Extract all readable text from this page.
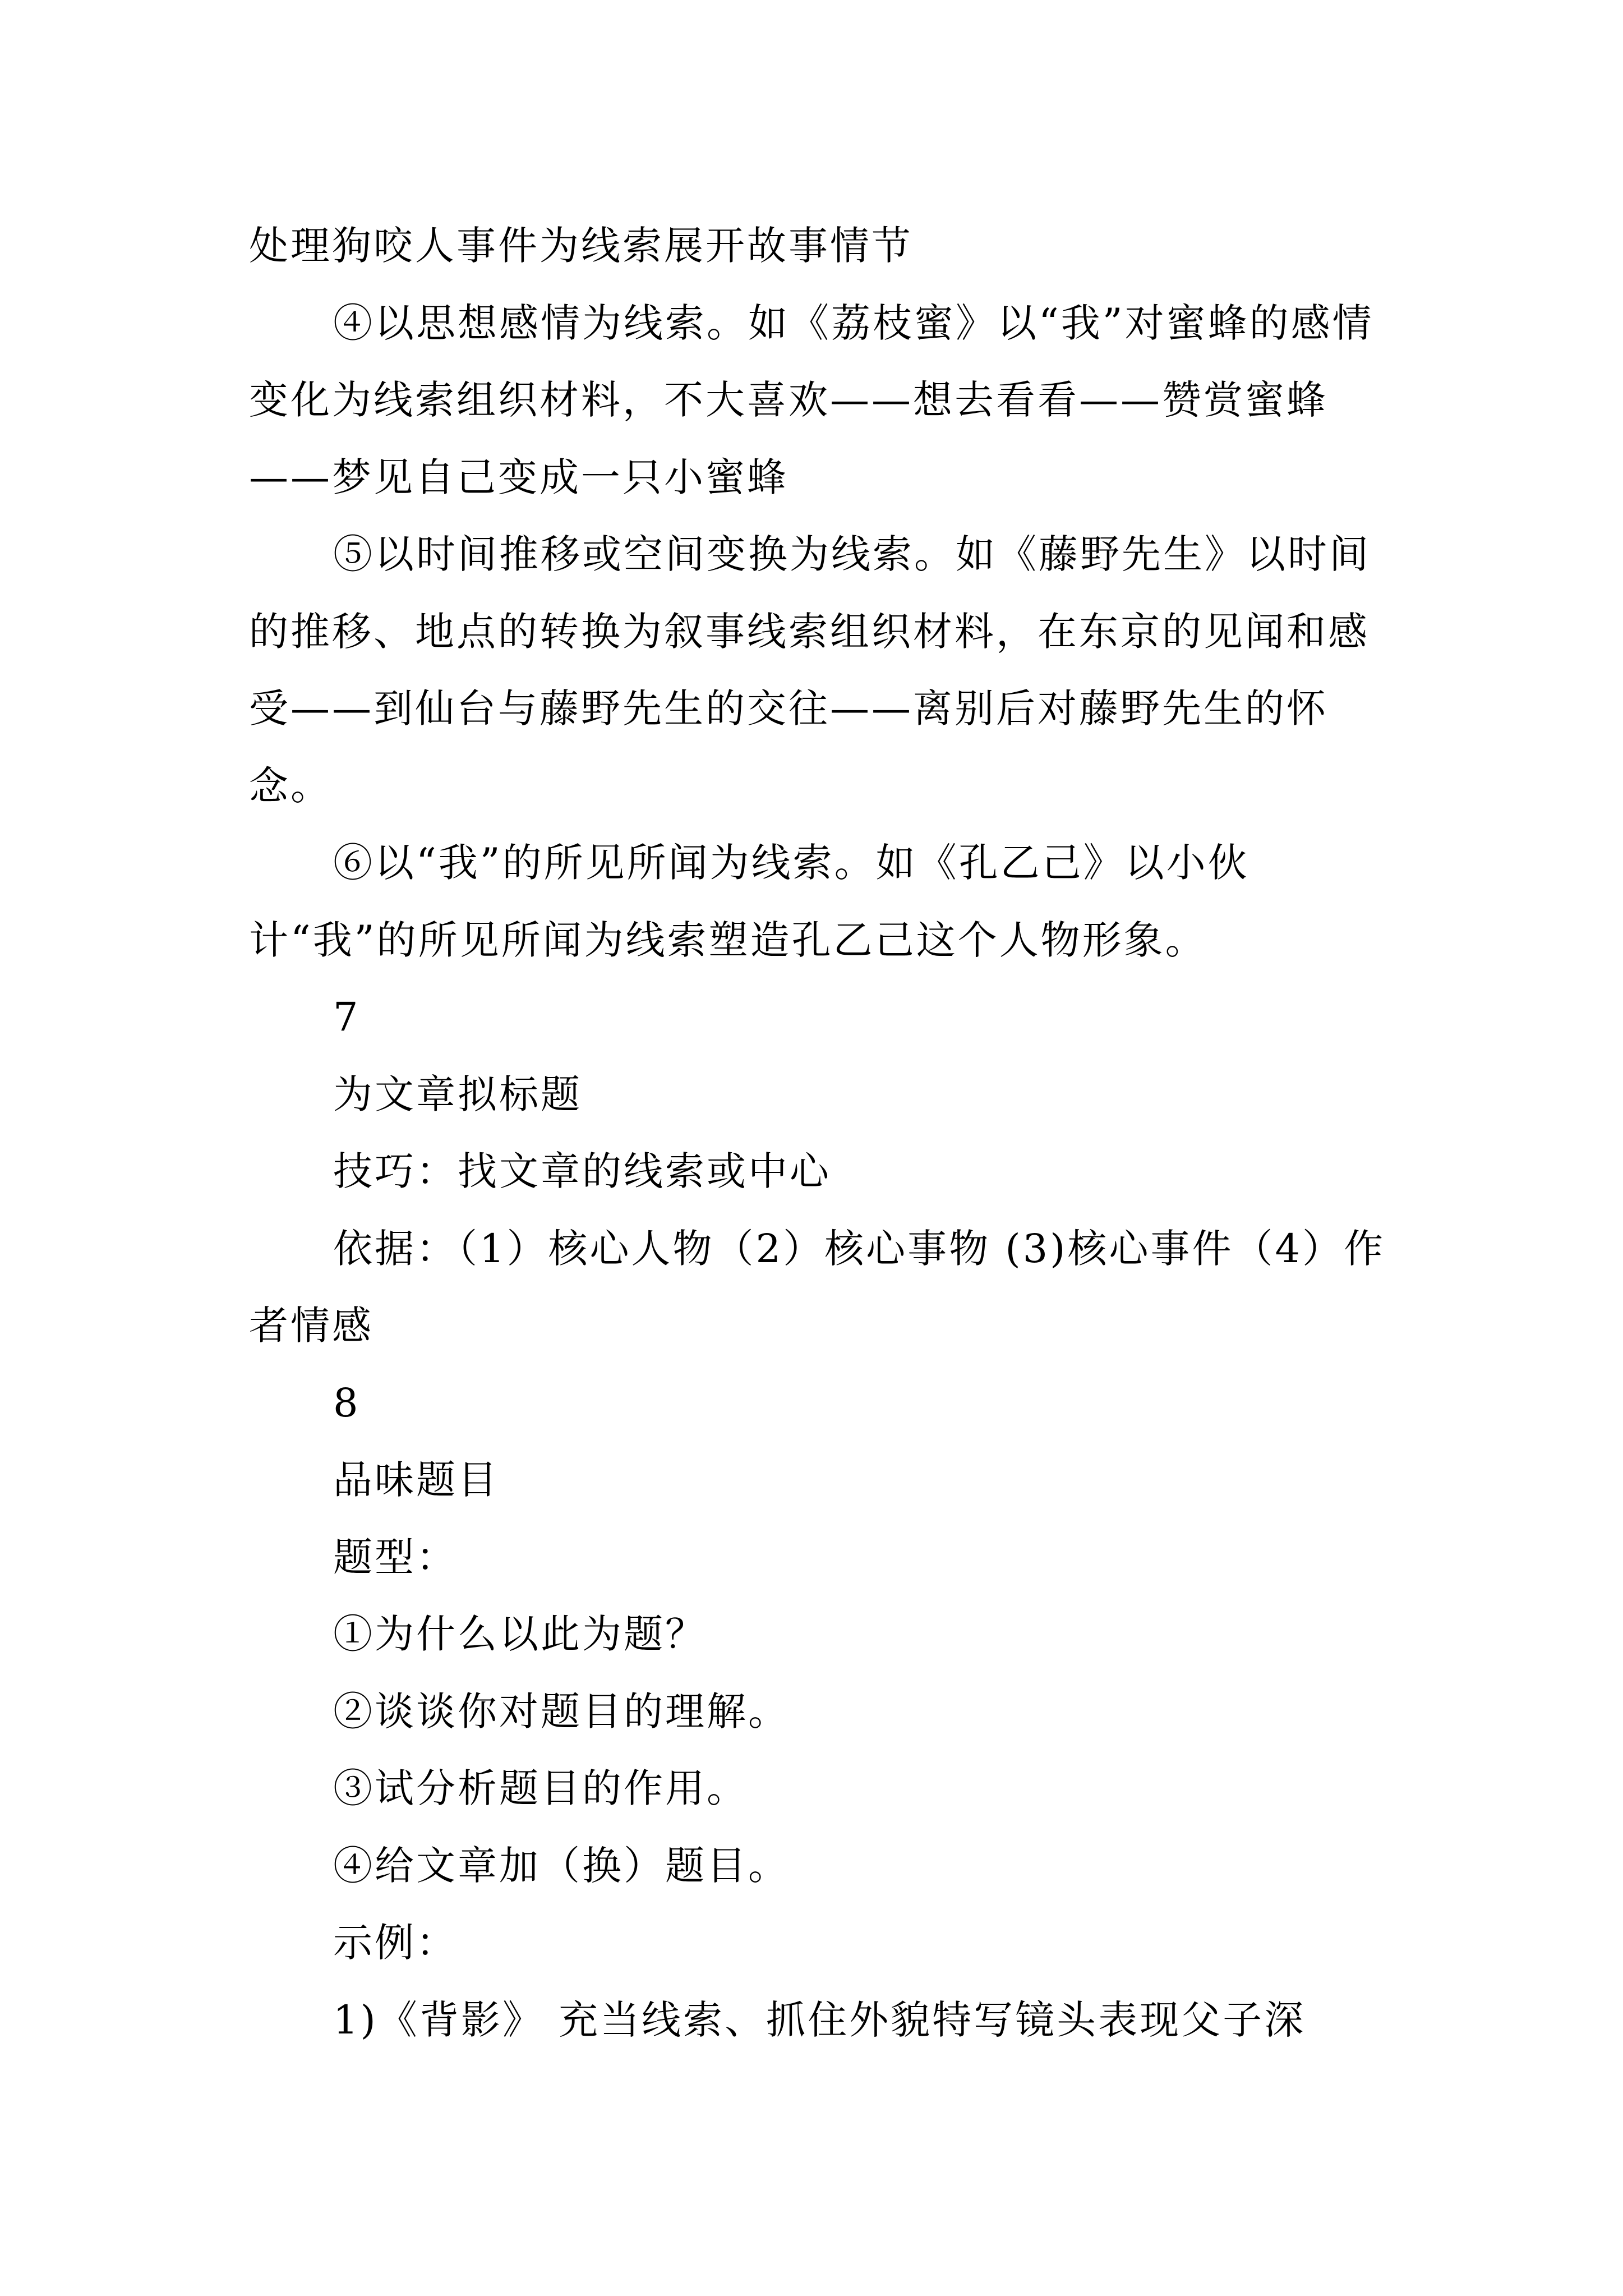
处理狗咬人事件为线索展开故事情节

④以思想感情为线索。如《荔枝蜜》以“我”对蜜蜂的感情变化为线索组织材料，不大喜欢——想去看看——赞赏蜜蜂——梦见自己变成一只小蜜蜂

⑤以时间推移或空间变换为线索。如《藤野先生》以时间的推移、地点的转换为叙事线索组织材料，在东京的见闻和感受——到仙台与藤野先生的交往——离别后对藤野先生的怀念。

⑥以“我”的所见所闻为线索。如《孔乙己》以小伙计“我”的所见所闻为线索塑造孔乙己这个人物形象。

7

为文章拟标题

技巧：找文章的线索或中心

依据：（1）核心人物（2）核心事物 (3)核心事件（4）作者情感

8

品味题目

题型：

①为什么以此为题？

②谈谈你对题目的理解。

③试分析题目的作用。

④给文章加（换）题目。

示例：

1)《背影》 充当线索、抓住外貌特写镜头表现父子深
